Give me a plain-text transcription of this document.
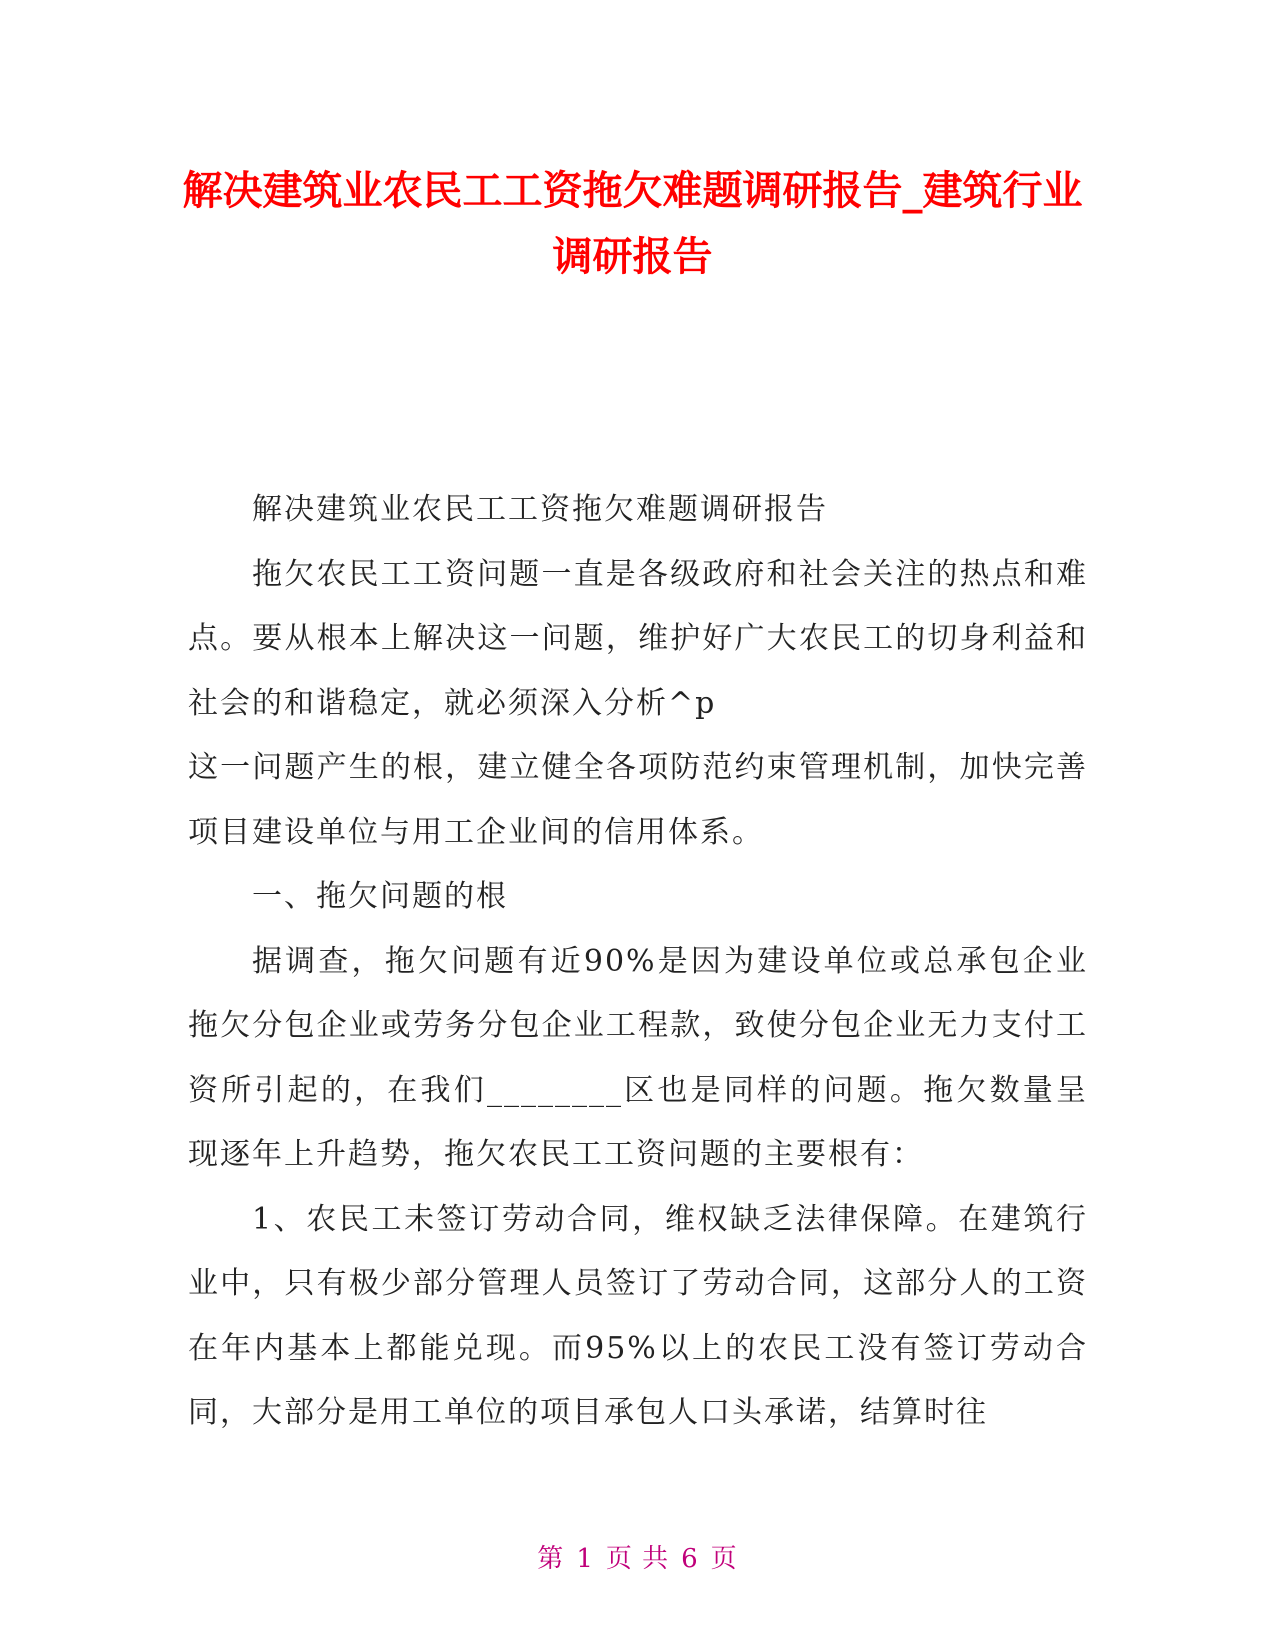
解决建筑业农民工工资拖欠难题调研报告_建筑行业调研报告

解决建筑业农民工工资拖欠难题调研报告

拖欠农民工工资问题一直是各级政府和社会关注的热点和难点。要从根本上解决这一问题，维护好广大农民工的切身利益和社会的和谐稳定，就必须深入分析^p

这一问题产生的根，建立健全各项防范约束管理机制，加快完善项目建设单位与用工企业间的信用体系。

一、拖欠问题的根

据调查，拖欠问题有近90%是因为建设单位或总承包企业拖欠分包企业或劳务分包企业工程款，致使分包企业无力支付工资所引起的，在我们________区也是同样的问题。拖欠数量呈现逐年上升趋势，拖欠农民工工资问题的主要根有：

1、农民工未签订劳动合同，维权缺乏法律保障。在建筑行业中，只有极少部分管理人员签订了劳动合同，这部分人的工资在年内基本上都能兑现。而95%以上的农民工没有签订劳动合同，大部分是用工单位的项目承包人口头承诺，结算时往

第 1 页 共 6 页
